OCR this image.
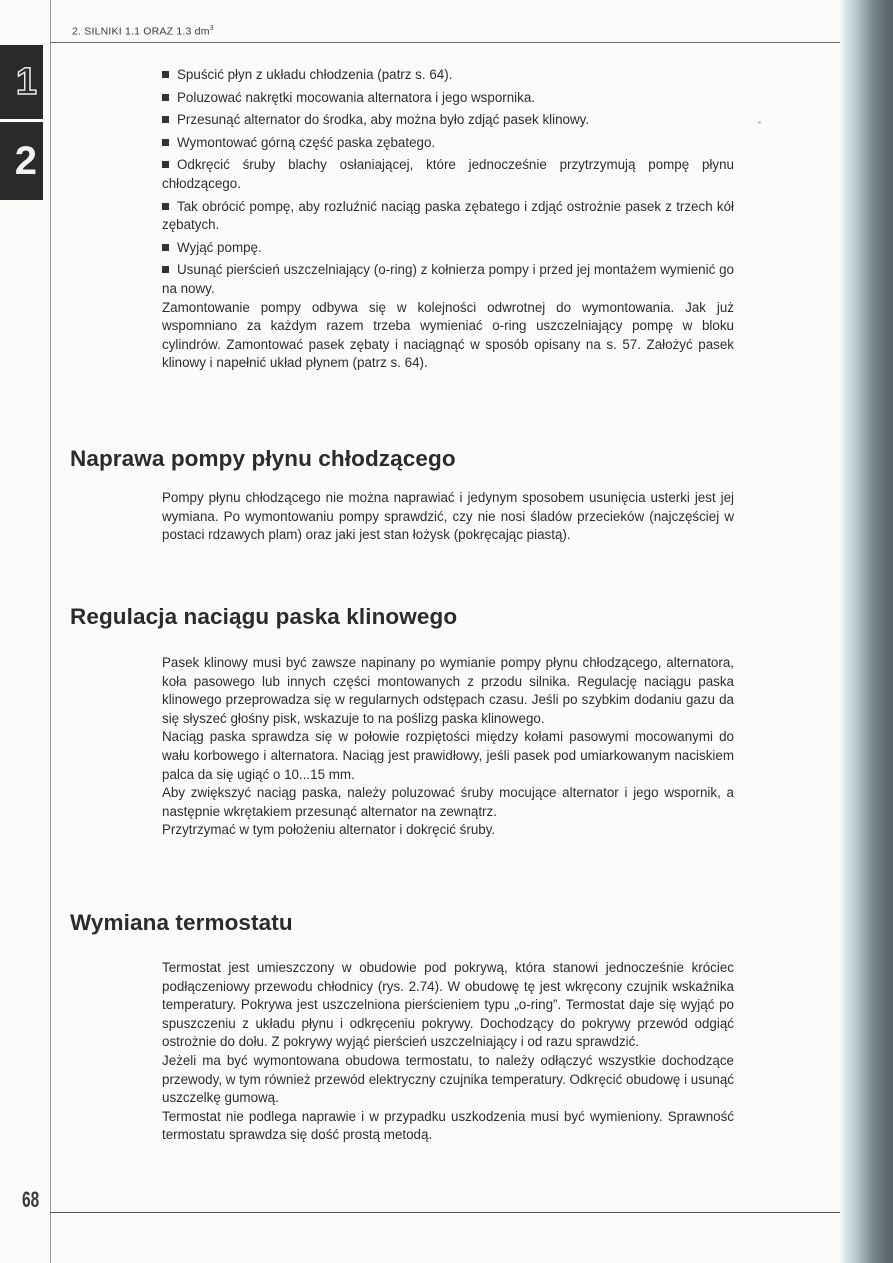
2. SILNIKI 1.1 ORAZ 1.3 $dm^3$
1
2

Spuścić płyn z układu chłodzenia (patrz s. 64).

Poluzować nakrętki mocowania alternatora i jego wspornika.

Przesunąć alternator do środka, aby można było zdjąć pasek klinowy.

Wymontować górną część paska zębatego.

Odkręcić śruby blachy osłaniającej, które jednocześnie przytrzymują pompę płynu chłodzącego.

Tak obrócić pompę, aby rozluźnić naciąg paska zębatego i zdjąć ostrożnie pasek z trzech kół zębatych.

Wyjąć pompę.

Usunąć pierścień uszczelniający (o-ring) z kołnierza pompy i przed jej montażem wymienić go na nowy.

Zamontowanie pompy odbywa się w kolejności odwrotnej do wymontowania. Jak już wspomniano za każdym razem trzeba wymieniać o-ring uszczelniający pompę w bloku cylindrów. Zamontować pasek zębaty i naciągnąć w sposób opisany na s. 57. Założyć pasek klinowy i napełnić układ płynem (patrz s. 64).

Naprawa pompy płynu chłodzącego

Pompy płynu chłodzącego nie można naprawiać i jedynym sposobem usunięcia usterki jest jej wymiana. Po wymontowaniu pompy sprawdzić, czy nie nosi śladów przecieków (najczęściej w postaci rdzawych plam) oraz jaki jest stan łożysk (pokręcając piastą).

Regulacja naciągu paska klinowego

Pasek klinowy musi być zawsze napinany po wymianie pompy płynu chłodzącego, alternatora, koła pasowego lub innych części montowanych z przodu silnika. Regulację naciągu paska klinowego przeprowadza się w regularnych odstępach czasu. Jeśli po szybkim dodaniu gazu da się słyszeć głośny pisk, wskazuje to na poślizg paska klinowego.

Naciąg paska sprawdza się w połowie rozpiętości między kołami pasowymi mocowanymi do wału korbowego i alternatora. Naciąg jest prawidłowy, jeśli pasek pod umiarkowanym naciskiem palca da się ugiąć o 10...15 mm.

Aby zwiększyć naciąg paska, należy poluzować śruby mocujące alternator i jego wspornik, a następnie wkrętakiem przesunąć alternator na zewnątrz.

Przytrzymać w tym położeniu alternator i dokręcić śruby.

Wymiana termostatu

Termostat jest umieszczony w obudowie pod pokrywą, która stanowi jednocześnie króciec podłączeniowy przewodu chłodnicy (rys. 2.74). W obudowę tę jest wkręcony czujnik wskaźnika temperatury. Pokrywa jest uszczelniona pierścieniem typu „o-ring”. Termostat daje się wyjąć po spuszczeniu z układu płynu i odkręceniu pokrywy. Dochodzący do pokrywy przewód odgiąć ostrożnie do dołu. Z pokrywy wyjąć pierścień uszczelniający i od razu sprawdzić.

Jeżeli ma być wymontowana obudowa termostatu, to należy odłączyć wszystkie dochodzące przewody, w tym również przewód elektryczny czujnika temperatury. Odkręcić obudowę i usunąć uszczelkę gumową.

Termostat nie podlega naprawie i w przypadku uszkodzenia musi być wymieniony. Sprawność termostatu sprawdza się dość prostą metodą.

68
